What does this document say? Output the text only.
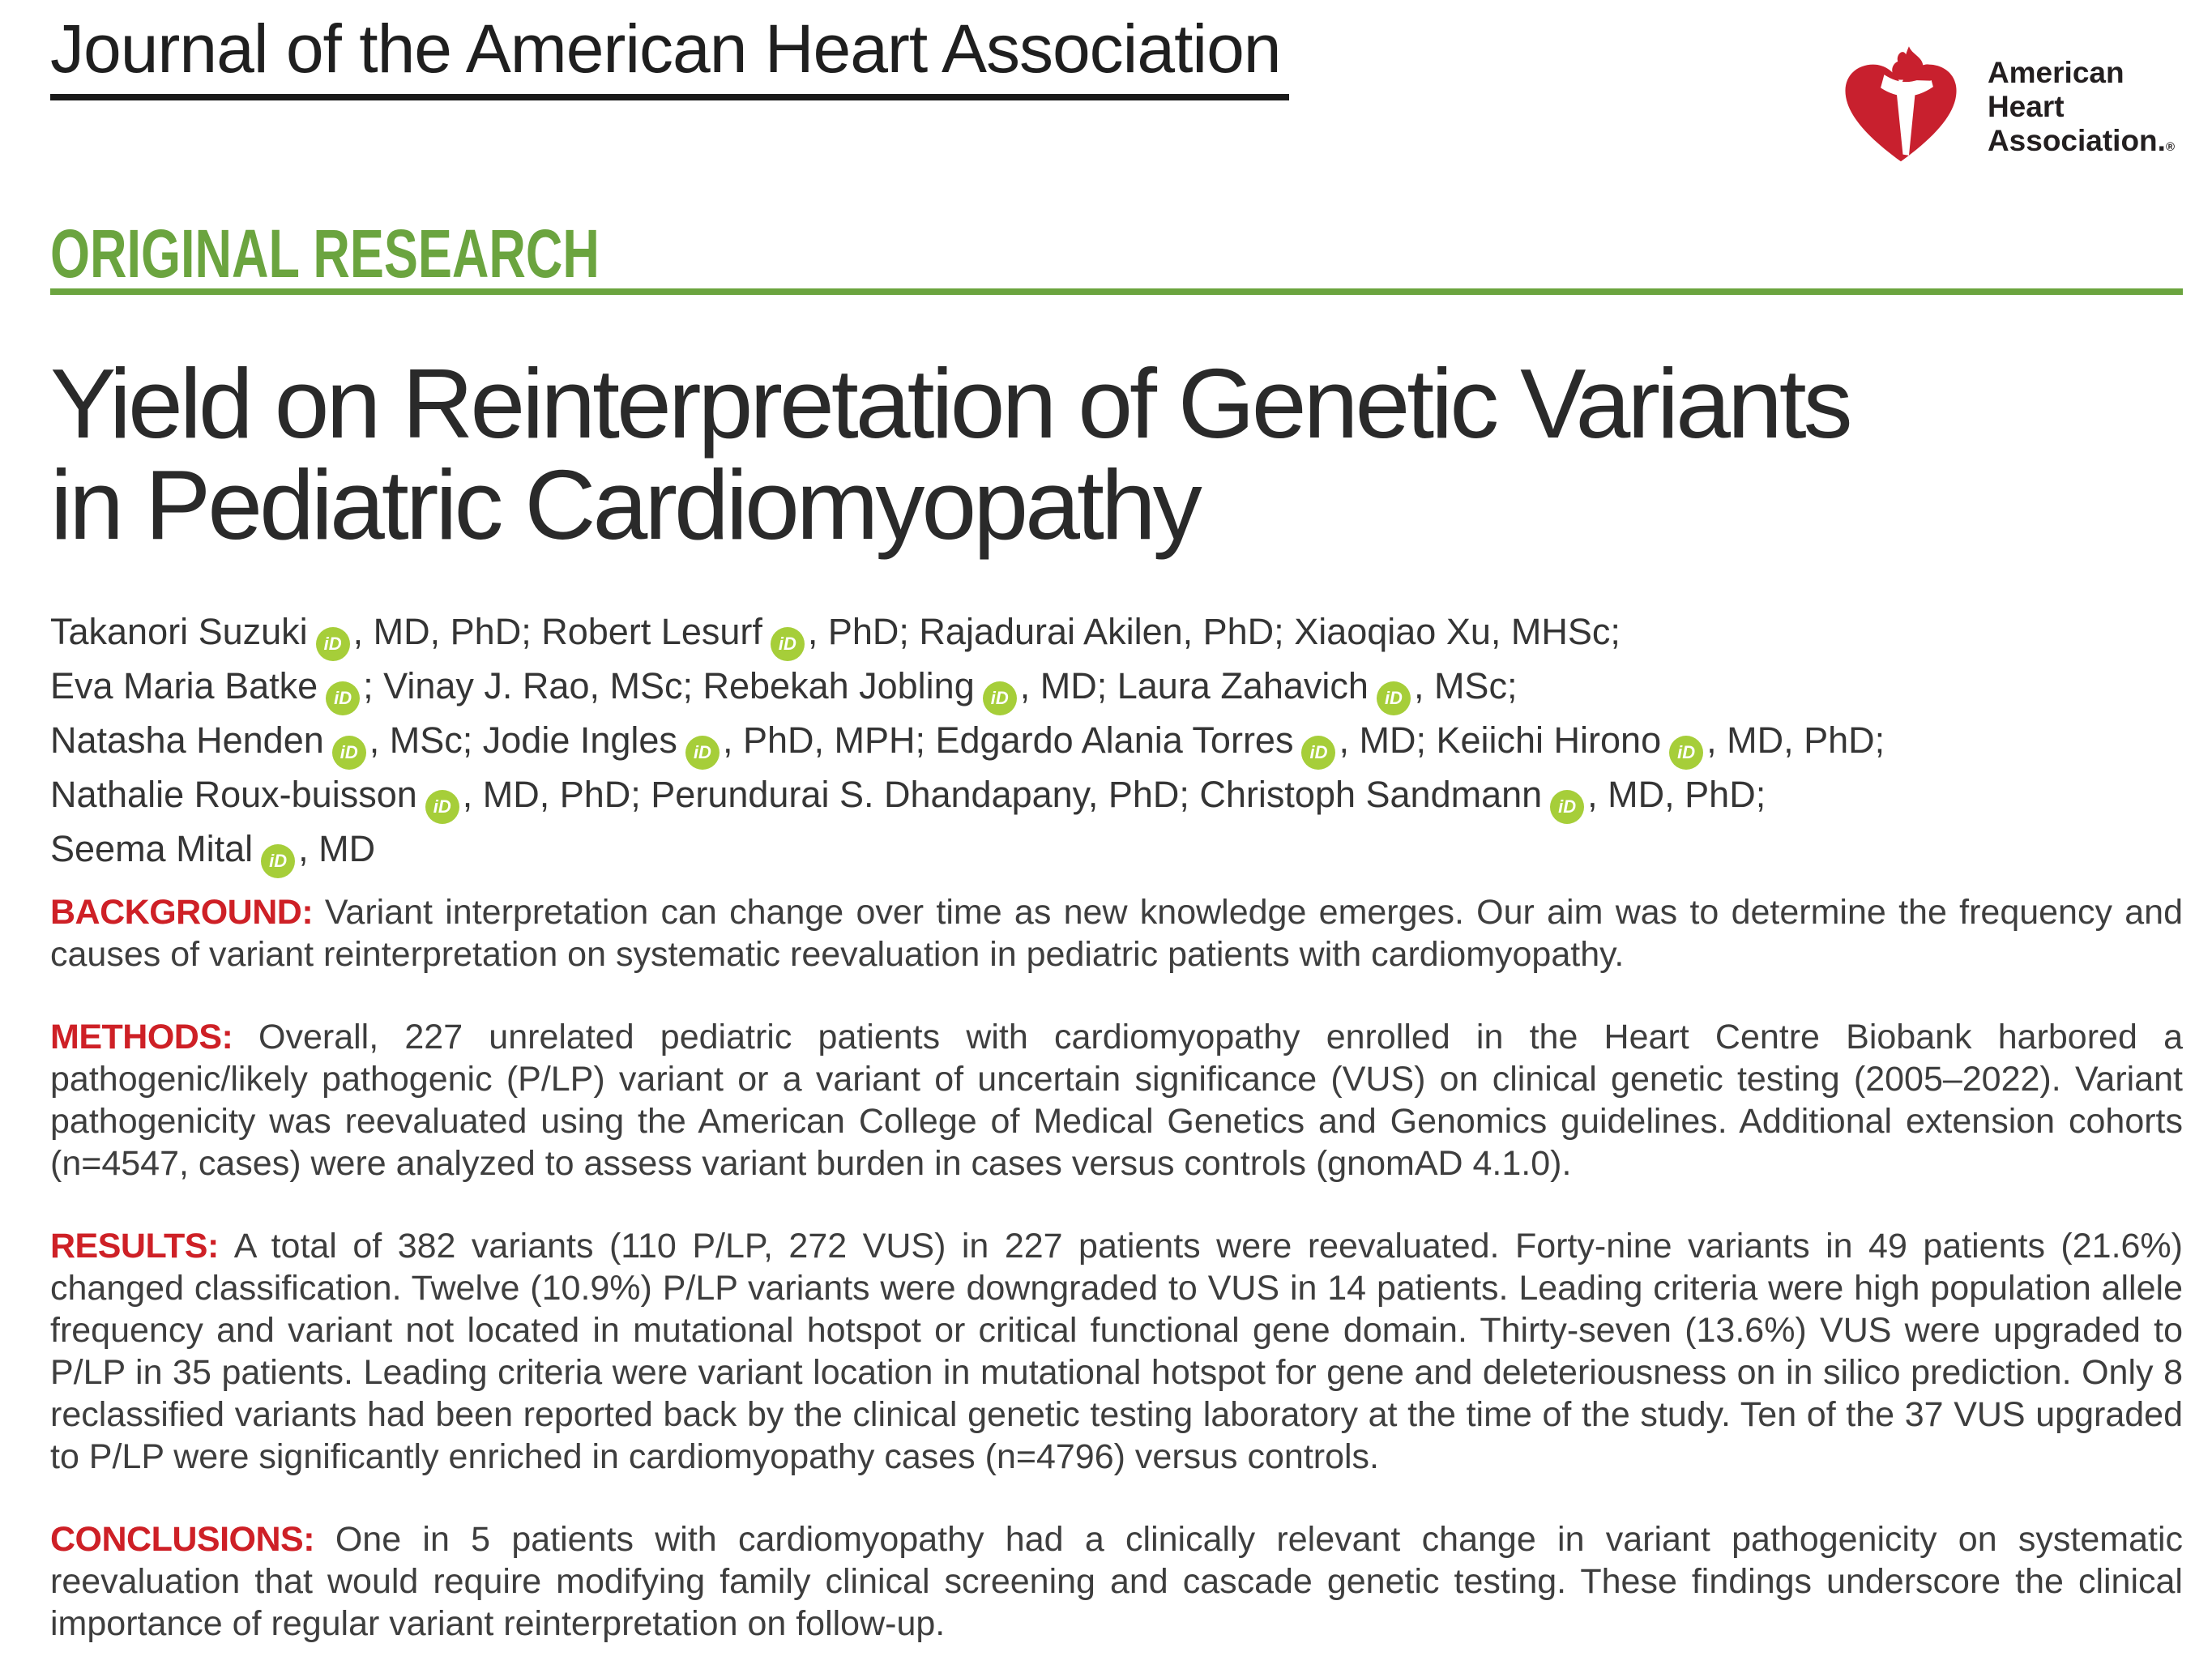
Journal of the American Heart Association	American
Heart
Association.®
ORIGINAL RESEARCH
Yield on Reinterpretation of Genetic Variants
in Pediatric Cardiomyopathy
Takanori Suzuki iD , MD, PhD; Robert Lesurf iD , PhD; Rajadurai Akilen, PhD; Xiaoqiao Xu, MHSc;
Eva Maria Batke iD ; Vinay J. Rao, MSc; Rebekah Jobling iD , MD; Laura Zahavich iD , MSc;
Natasha Henden iD , MSc; Jodie Ingles iD , PhD, MPH; Edgardo Alania Torres iD , MD; Keiichi Hirono iD , MD, PhD;
Nathalie Roux-buisson iD , MD, PhD; Perundurai S. Dhandapany, PhD; Christoph Sandmann iD , MD, PhD;
Seema Mital iD , MD

BACKGROUND: Variant interpretation can change over time as new knowledge emerges. Our aim was to determine the frequency and causes of variant reinterpretation on systematic reevaluation in pediatric patients with cardiomyopathy.

METHODS: Overall, 227 unrelated pediatric patients with cardiomyopathy enrolled in the Heart Centre Biobank harbored a pathogenic/likely pathogenic (P/LP) variant or a variant of uncertain significance (VUS) on clinical genetic testing (2005–2022). Variant pathogenicity was reevaluated using the American College of Medical Genetics and Genomics guidelines. Additional extension cohorts (n=4547, cases) were analyzed to assess variant burden in cases versus controls (gnomAD 4.1.0).

RESULTS: A total of 382 variants (110 P/LP, 272 VUS) in 227 patients were reevaluated. Forty-nine variants in 49 patients (21.6%) changed classification. Twelve (10.9%) P/LP variants were downgraded to VUS in 14 patients. Leading criteria were high population allele frequency and variant not located in mutational hotspot or critical functional gene domain. Thirty-seven (13.6%) VUS were upgraded to P/LP in 35 patients. Leading criteria were variant location in mutational hotspot for gene and deleteriousness on in silico prediction. Only 8 reclassified variants had been reported back by the clinical genetic testing laboratory at the time of the study. Ten of the 37 VUS upgraded to P/LP were significantly enriched in cardiomyopathy cases (n=4796) versus controls.

CONCLUSIONS: One in 5 patients with cardiomyopathy had a clinically relevant change in variant pathogenicity on systematic reevaluation that would require modifying family clinical screening and cascade genetic testing. These findings underscore the clinical importance of regular variant reinterpretation on follow-up.
